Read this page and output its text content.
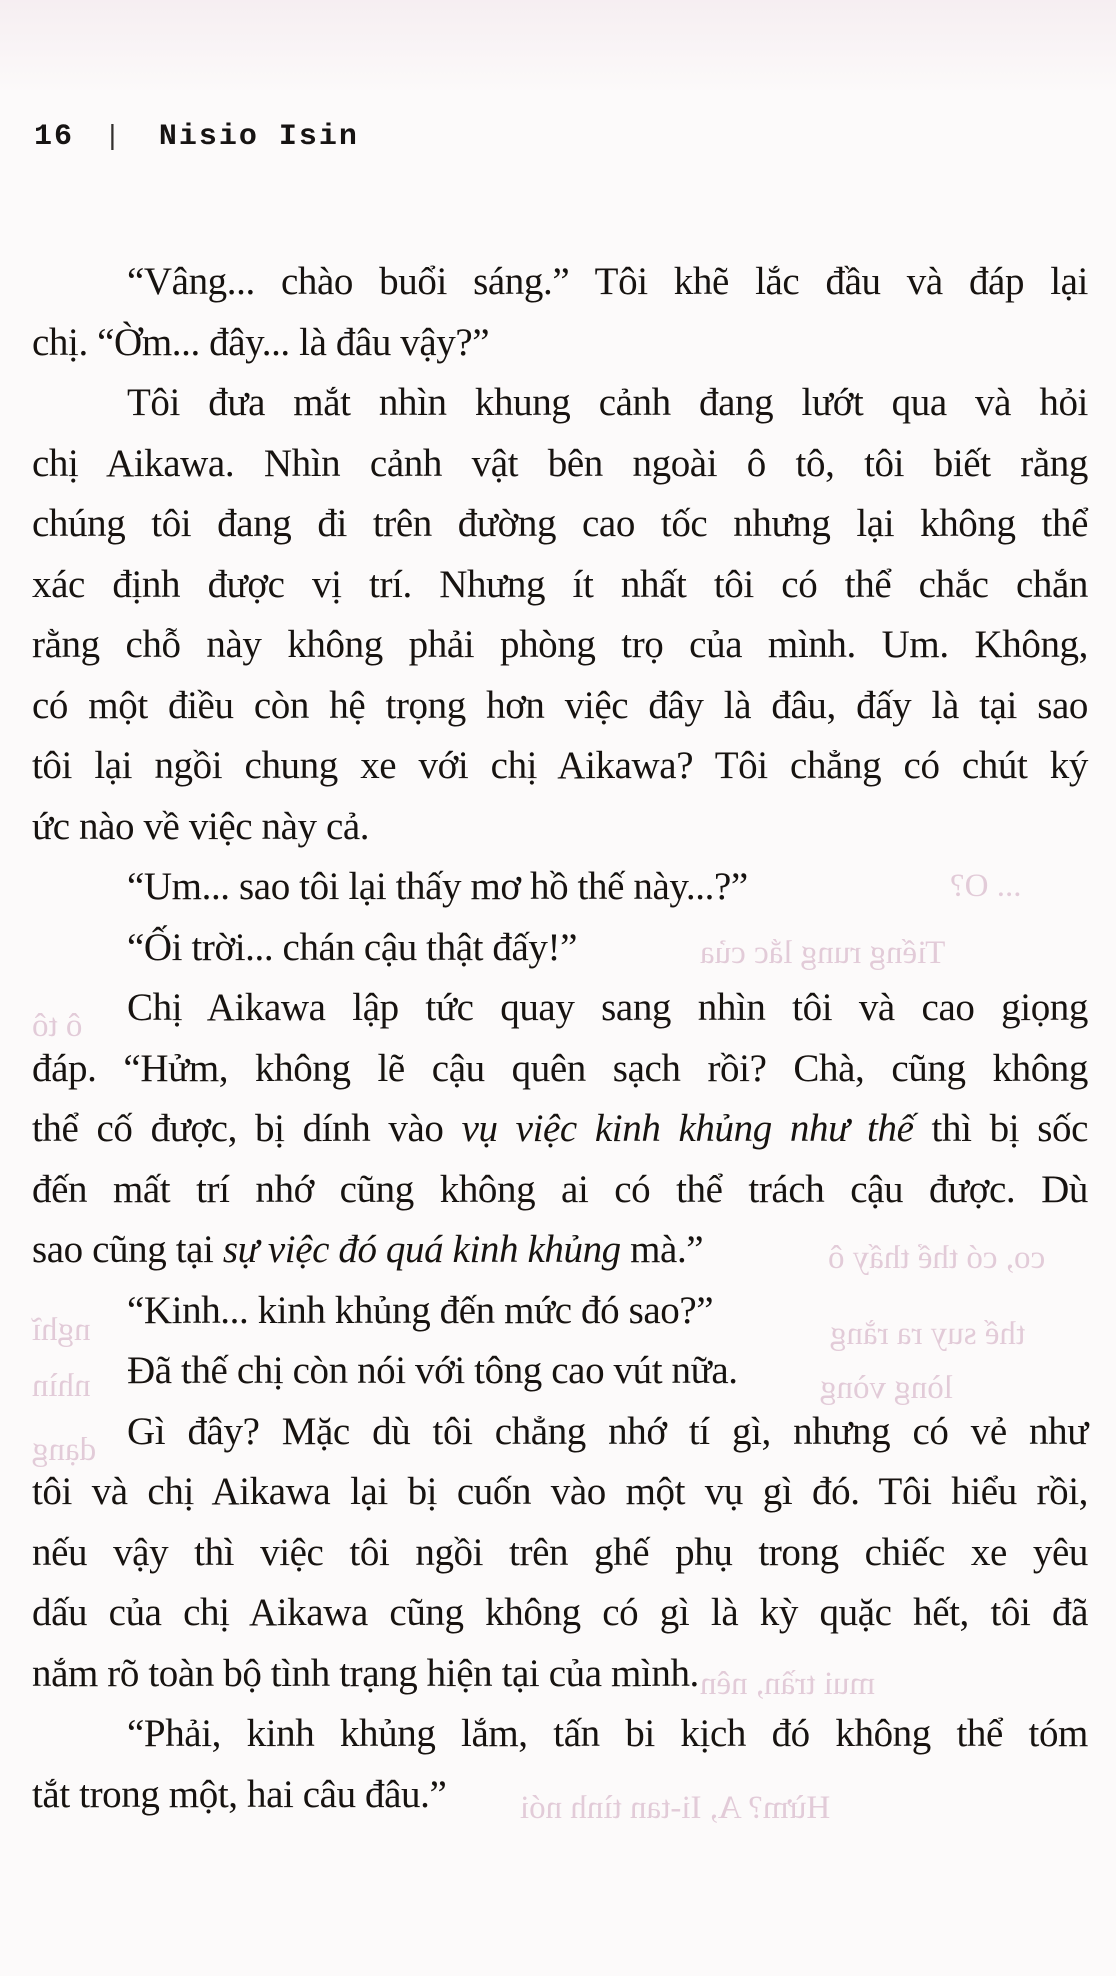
16 | Nisio Isin
“Vâng... chào buổi sáng.” Tôi khẽ lắc đầu và đáp lại
chị. “Ờm... đây... là đâu vậy?”
Tôi đưa mắt nhìn khung cảnh đang lướt qua và hỏi
chị Aikawa. Nhìn cảnh vật bên ngoài ô tô, tôi biết rằng
chúng tôi đang đi trên đường cao tốc nhưng lại không thể
xác định được vị trí. Nhưng ít nhất tôi có thể chắc chắn
rằng chỗ này không phải phòng trọ của mình. Um. Không,
có một điều còn hệ trọng hơn việc đây là đâu, đấy là tại sao
tôi lại ngồi chung xe với chị Aikawa? Tôi chẳng có chút ký
ức nào về việc này cả.
“Um... sao tôi lại thấy mơ hồ thế này...?”
“Ối trời... chán cậu thật đấy!”
Chị Aikawa lập tức quay sang nhìn tôi và cao giọng
đáp. “Hửm, không lẽ cậu quên sạch rồi? Chà, cũng không
thể cố được, bị dính vào vụ việc kinh khủng như thế thì bị sốc
đến mất trí nhớ cũng không ai có thể trách cậu được. Dù
sao cũng tại sự việc đó quá kinh khủng mà.”
“Kinh... kinh khủng đến mức đó sao?”
Đã thế chị còn nói với tông cao vút nữa.
Gì đây? Mặc dù tôi chẳng nhớ tí gì, nhưng có vẻ như
tôi và chị Aikawa lại bị cuốn vào một vụ gì đó. Tôi hiểu rồi,
nếu vậy thì việc tôi ngồi trên ghế phụ trong chiếc xe yêu
dấu của chị Aikawa cũng không có gì là kỳ quặc hết, tôi đã
nắm rõ toàn bộ tình trạng hiện tại của mình.
“Phải, kinh khủng lắm, tấn bi kịch đó không thể tóm
tắt trong một, hai câu đâu.”
... O?
Tiếng rung lắc của
ô tô
co, có thể thấy ô
nghĩ	thế suy ra rằng
nhìn	lòng vòng
dạng
mui trần, nên
Hừm? A, Ii-tan tình nói
